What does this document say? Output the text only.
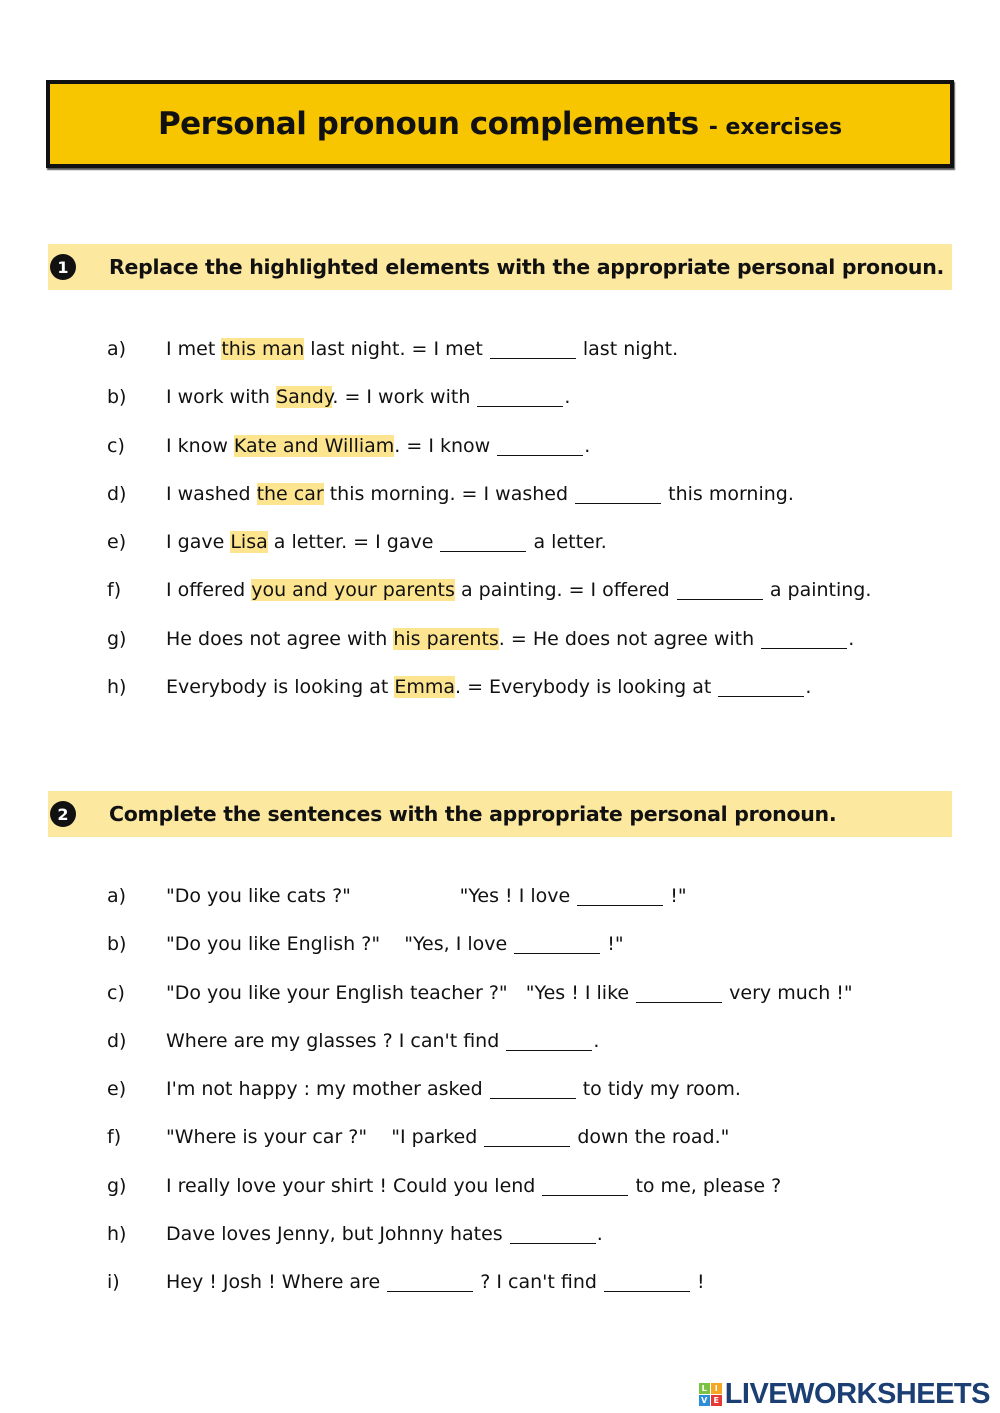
Personal pronoun complements - exercises
1	Replace the highlighted elements with the appropriate personal pronoun.
a)	I met this man last night. = I met	last night.
b)	I work with Sandy. = I work with	.
c)	I know Kate and William. = I know	.
d)	I washed the car this morning. = I washed	this morning.
e)	I gave Lisa a letter. = I gave	a letter.
f)	I offered you and your parents a painting. = I offered	a painting.
g)	He does not agree with his parents. = He does not agree with	.
h)	Everybody is looking at Emma. = Everybody is looking at	.
2	Complete the sentences with the appropriate personal pronoun.
a)	"Do you like cats ?"                  "Yes ! I love	!"
b)	"Do you like English ?"    "Yes, I love	!"
c)	"Do you like your English teacher ?"   "Yes ! I like	very much !"
d)	Where are my glasses ? I can't find	.
e)	I'm not happy : my mother asked	to tidy my room.
f)	"Where is your car ?"    "I parked	down the road."
g)	I really love your shirt ! Could you lend	to me, please ?
h)	Dave loves Jenny, but Johnny hates	.
i)	Hey ! Josh ! Where are	? I can't find	!
L I
V E LIVEWORKSHEETS
